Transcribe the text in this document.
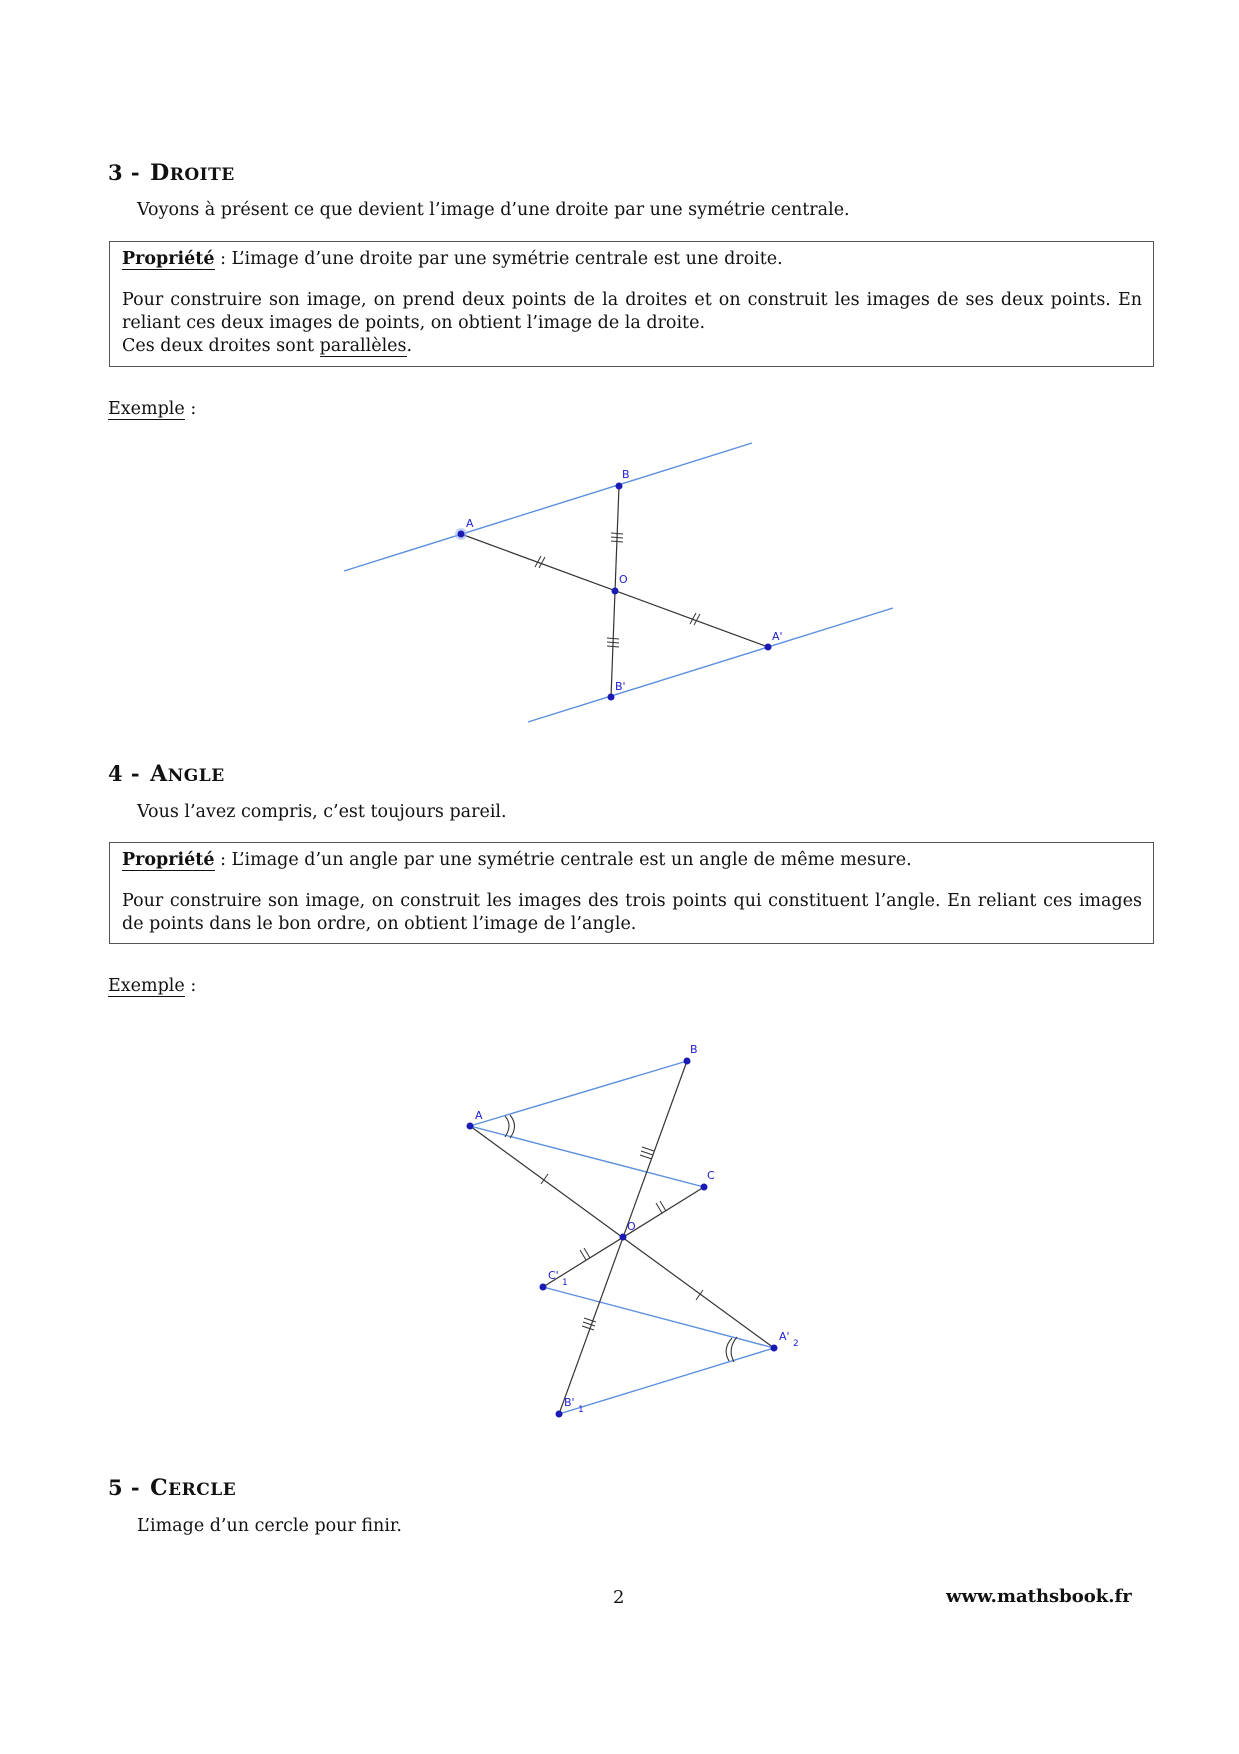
3 - DROITE
Voyons à présent ce que devient l’image d’une droite par une symétrie centrale.

Propriété : L’image d’une droite par une symétrie centrale est une droite.

Pour construire son image, on prend deux points de la droites et on construit les images de ses deux points. En reliant ces deux images de points, on obtient l’image de la droite.

Ces deux droites sont parallèles.

Exemple :
A
B
O
A'
B'
4 - ANGLE
Vous l’avez compris, c’est toujours pareil.

Propriété : L’image d’un angle par une symétrie centrale est un angle de même mesure.

Pour construire son image, on construit les images des trois points qui constituent l’angle. En reliant ces images de points dans le bon ordre, on obtient l’image de l’angle.

Exemple :
A
B
C
O
C'
1
A'
2
B'
1
5 - CERCLE
L’image d’un cercle pour finir.
2	www.mathsbook.fr
